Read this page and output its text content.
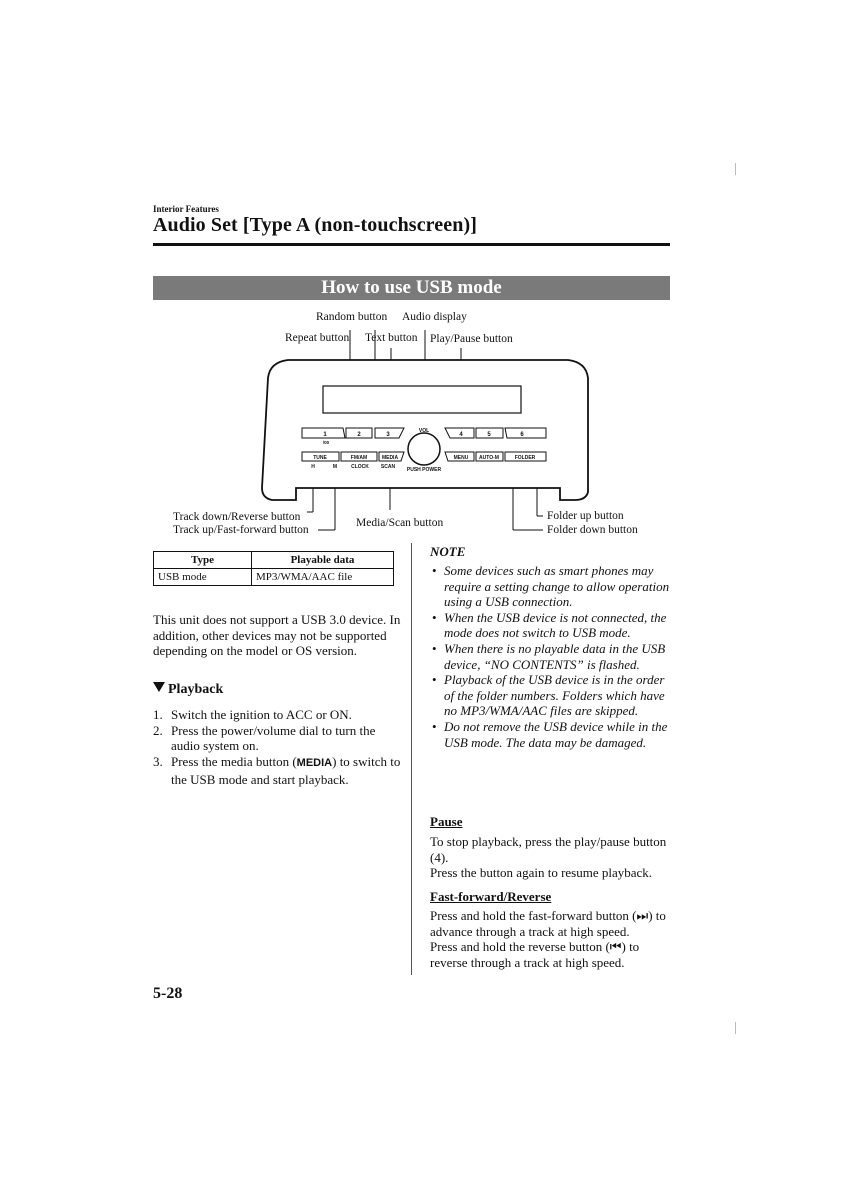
Interior Features
Audio Set [Type A (non-touchscreen)]
How to use USB mode
Random button Audio display
Repeat button Text button Play/Pause button
Track down/Reverse button
Track up/Fast-forward button
Media/Scan button
Folder up button
Folder down button
1	2	3	4	5	6
/00
VOL
PUSH POWER
TUNE	FM/AM	MEDIA	MENU AUTO-M	FOLDER
H	M	CLOCK SCAN
Type	Playable data
USB mode	MP3/WMA/AAC file
This unit does not support a USB 3.0 device. In addition, other devices may not be supported depending on the model or OS version.
Playback
1. Switch the ignition to ACC or ON.
2. Press the power/volume dial to turn the audio system on.
3. Press the media button (MEDIA) to switch to the USB mode and start playback.
NOTE
• Some devices such as smart phones may require a setting change to allow operation using a USB connection.
• When the USB device is not connected, the mode does not switch to USB mode.
• When there is no playable data in the USB device, “NO CONTENTS” is flashed.
• Playback of the USB device is in the order of the folder numbers. Folders which have no MP3/WMA/AAC files are skipped.
• Do not remove the USB device while in the USB mode. The data may be damaged.
Pause
To stop playback, press the play/pause button (4).
Press the button again to resume playback.
Fast-forward/Reverse
Press and hold the fast-forward button (⏭) to advance through a track at high speed.
Press and hold the reverse button (⏮) to reverse through a track at high speed.
5-28
